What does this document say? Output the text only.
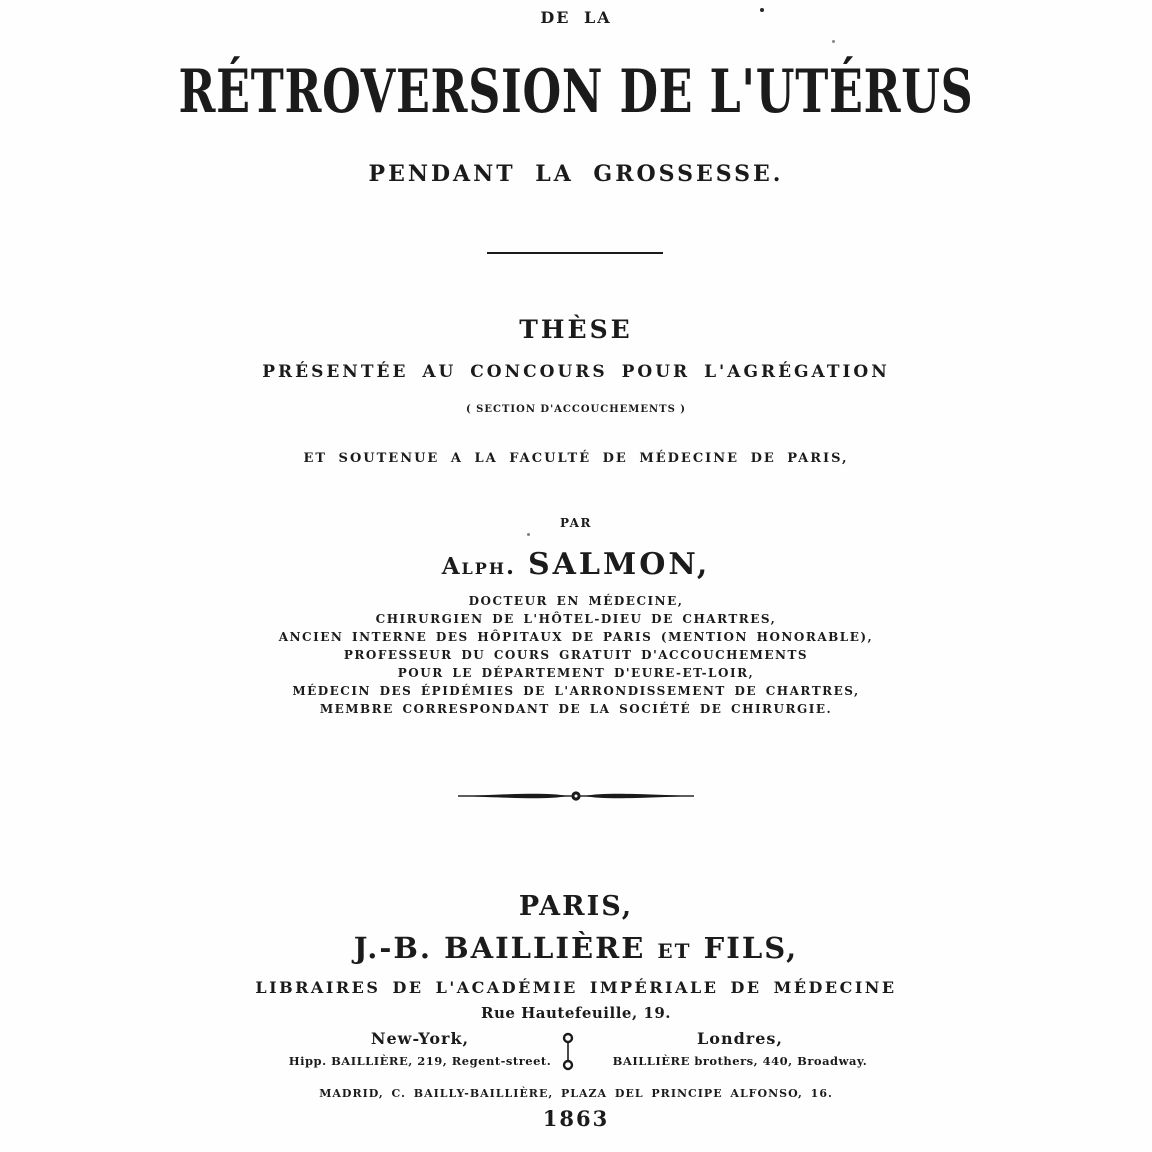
DE LA
RÉTROVERSION DE L'UTÉRUS
PENDANT LA GROSSESSE.
THÈSE
PRÉSENTÉE AU CONCOURS POUR L'AGRÉGATION
( SECTION D'ACCOUCHEMENTS )
ET SOUTENUE A LA FACULTÉ DE MÉDECINE DE PARIS,
PAR
Alph. SALMON,
DOCTEUR EN MÉDECINE,
CHIRURGIEN DE L'HÔTEL-DIEU DE CHARTRES,
ANCIEN INTERNE DES HÔPITAUX DE PARIS (MENTION HONORABLE),
PROFESSEUR DU COURS GRATUIT D'ACCOUCHEMENTS
POUR LE DÉPARTEMENT D'EURE-ET-LOIR,
MÉDECIN DES ÉPIDÉMIES DE L'ARRONDISSEMENT DE CHARTRES,
MEMBRE CORRESPONDANT DE LA SOCIÉTÉ DE CHIRURGIE.
PARIS,
J.-B. BAILLIÈRE ET FILS,
LIBRAIRES DE L'ACADÉMIE IMPÉRIALE DE MÉDECINE
Rue Hautefeuille, 19.
New-York,
Hipp. BAILLIÈRE, 219, Regent-street.
Londres,
BAILLIÈRE brothers, 440, Broadway.
MADRID, C. BAILLY-BAILLIÈRE, PLAZA DEL PRINCIPE ALFONSO, 16.
1863
